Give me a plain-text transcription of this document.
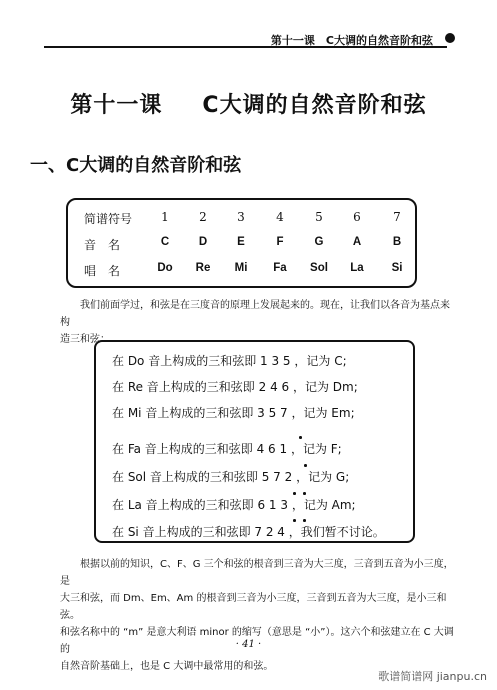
第十一课　C大调的自然音阶和弦
第十一课 C大调的自然音阶和弦
一、C大调的自然音阶和弦
简谱符号	1	2	3	4	5	6	7
音　名	C	D	E	F	G	A	B
唱　名	Do	Re	Mi	Fa	Sol	La	Si
我们前面学过，和弦是在三度音的原理上发展起来的。现在，让我们以各音为基点来构
造三和弦：
在 Do 音上构成的三和弦即 1 3 5 ，记为 C;
在 Re 音上构成的三和弦即 2 4 6 ，记为 Dm;
在 Mi 音上构成的三和弦即 3 5 7 ，记为 Em;
在 Fa 音上构成的三和弦即 4 6 1 ，记为 F;
在 Sol 音上构成的三和弦即 5 7 2 ，记为 G;
在 La 音上构成的三和弦即 6 1 3 ，记为 Am;
在 Si 音上构成的三和弦即 7 2 4 ，我们暂不讨论。
根据以前的知识，C、F、G 三个和弦的根音到三音为大三度，三音到五音为小三度，是
大三和弦，而 Dm、Em、Am 的根音到三音为小三度，三音到五音为大三度，是小三和弦。
和弦名称中的 “m” 是意大利语 minor 的缩写（意思是 “小”）。这六个和弦建立在 C 大调的
自然音阶基础上，也是 C 大调中最常用的和弦。
· 41 ·
歌谱简谱网 jianpu.cn
